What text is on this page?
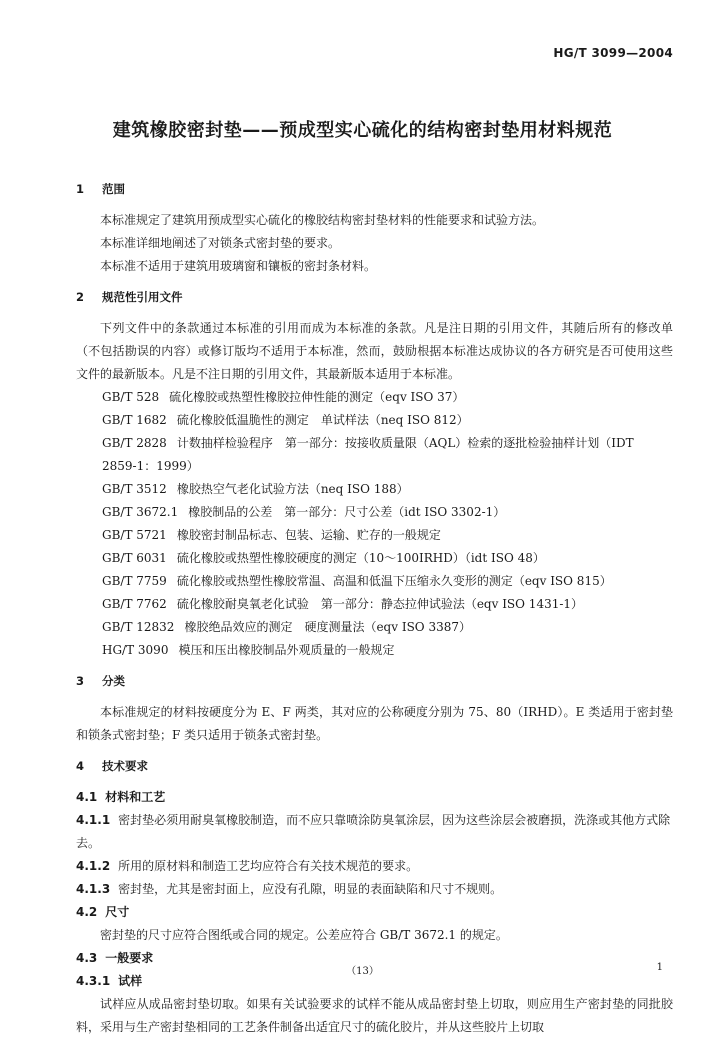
HG/T 3099—2004
建筑橡胶密封垫——预成型实心硫化的结构密封垫用材料规范

1 范围

本标准规定了建筑用预成型实心硫化的橡胶结构密封垫材料的性能要求和试验方法。

本标准详细地阐述了对锁条式密封垫的要求。

本标准不适用于建筑用玻璃窗和镶板的密封条材料。

2 规范性引用文件

下列文件中的条款通过本标准的引用而成为本标准的条款。凡是注日期的引用文件，其随后所有的修改单（不包括勘误的内容）或修订版均不适用于本标准，然而，鼓励根据本标准达成协议的各方研究是否可使用这些文件的最新版本。凡是不注日期的引用文件，其最新版本适用于本标准。

GB/T 528 硫化橡胶或热塑性橡胶拉伸性能的测定（eqv ISO 37）

GB/T 1682 硫化橡胶低温脆性的测定　单试样法（neq ISO 812）

GB/T 2828 计数抽样检验程序　第一部分：按接收质量限（AQL）检索的逐批检验抽样计划（IDT

2859-1：1999）

GB/T 3512 橡胶热空气老化试验方法（neq ISO 188）

GB/T 3672.1 橡胶制品的公差　第一部分：尺寸公差（idt ISO 3302-1）

GB/T 5721 橡胶密封制品标志、包装、运输、贮存的一般规定

GB/T 6031 硫化橡胶或热塑性橡胶硬度的测定（10～100IRHD）（idt ISO 48）

GB/T 7759 硫化橡胶或热塑性橡胶常温、高温和低温下压缩永久变形的测定（eqv ISO 815）

GB/T 7762 硫化橡胶耐臭氧老化试验　第一部分：静态拉伸试验法（eqv ISO 1431-1）

GB/T 12832 橡胶绝品效应的测定　硬度测量法（eqv ISO 3387）

HG/T 3090 模压和压出橡胶制品外观质量的一般规定

3 分类

本标准规定的材料按硬度分为 E、F 两类，其对应的公称硬度分别为 75、80（IRHD）。E 类适用于密封垫和锁条式密封垫；F 类只适用于锁条式密封垫。

4 技术要求

4.1 材料和工艺

4.1.1 密封垫必须用耐臭氧橡胶制造，而不应只靠喷涂防臭氧涂层，因为这些涂层会被磨损，洗涤或其他方式除去。

4.1.2 所用的原材料和制造工艺均应符合有关技术规范的要求。

4.1.3 密封垫，尤其是密封面上，应没有孔隙，明显的表面缺陷和尺寸不规则。

4.2 尺寸

密封垫的尺寸应符合图纸或合同的规定。公差应符合 GB/T 3672.1 的规定。

4.3 一般要求

4.3.1 试样

试样应从成品密封垫切取。如果有关试验要求的试样不能从成品密封垫上切取，则应用生产密封垫的同批胶料，采用与生产密封垫相同的工艺条件制备出适宜尺寸的硫化胶片，并从这些胶片上切取

（13）	1
